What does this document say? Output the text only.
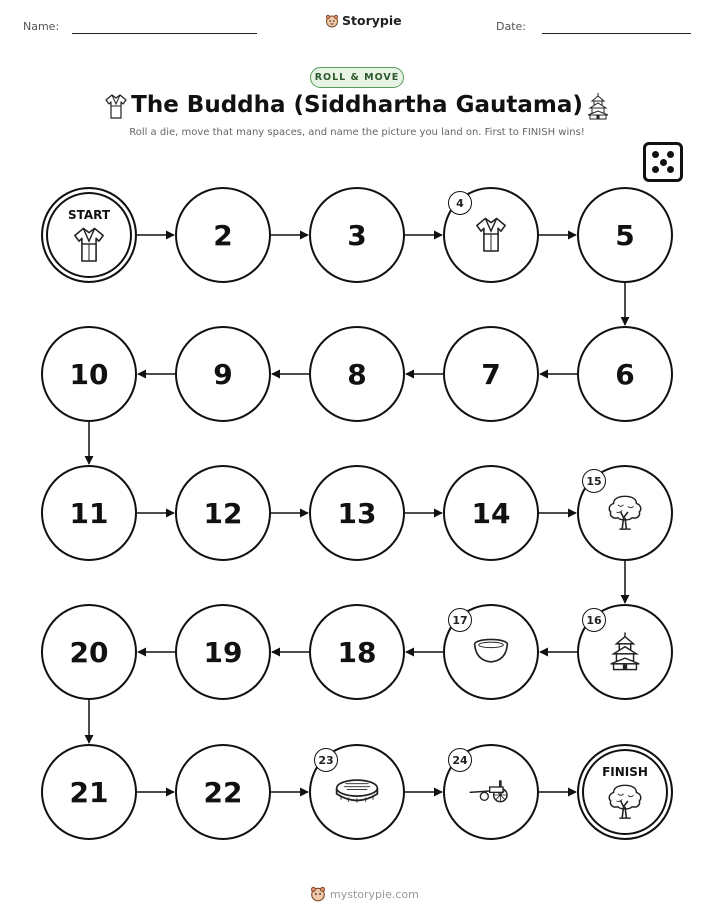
Name:	Storypie	Date:
ROLL & MOVE
The Buddha (Siddhartha Gautama)
Roll a die, move that many spaces, and name the picture you land on. First to FINISH wins!
START
2	3
4
5
6
7
8
9
10
11	12	13	14
15
16
17
18
19
20
21	22
23	24
FINISH
mystorypie.com
